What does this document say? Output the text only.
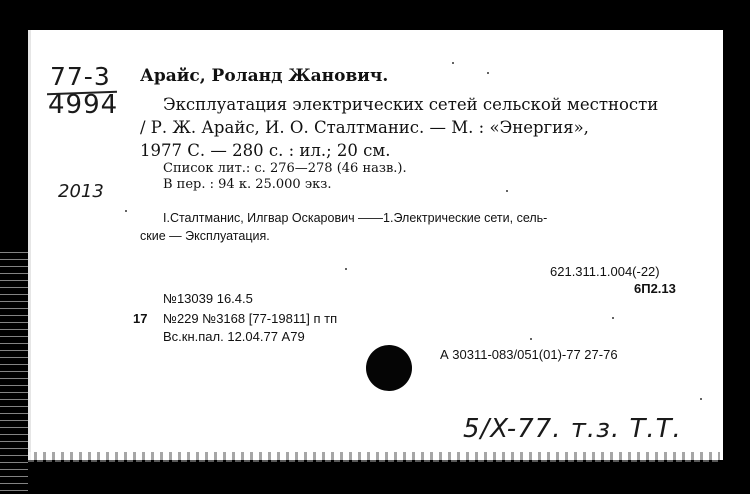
77-3
4994
2013
Арайс, Роланд Жанович.
Эксплуатация электрических сетей сельской местности
/ Р. Ж. Арайс, И. О. Сталтманис. — М. : «Энергия»,
1977 С. — 280 с. : ил.; 20 см.
Список лит.: с. 276—278 (46 назв.).
В пер. : 94 к. 25.000 экз.
I.Сталтманис, Илгвар Оскарович ——1.Электрические сети, сель-
ские — Эксплуатация.
621.311.1.004(-22)
6П2.13
№13039 16.4.5
17 №229 №3168 [77-19811] п тп
Вс.кн.пал. 12.04.77 А79
А 30311-083/051(01)-77 27-76
5/X-77. т.з. Т.Т.
